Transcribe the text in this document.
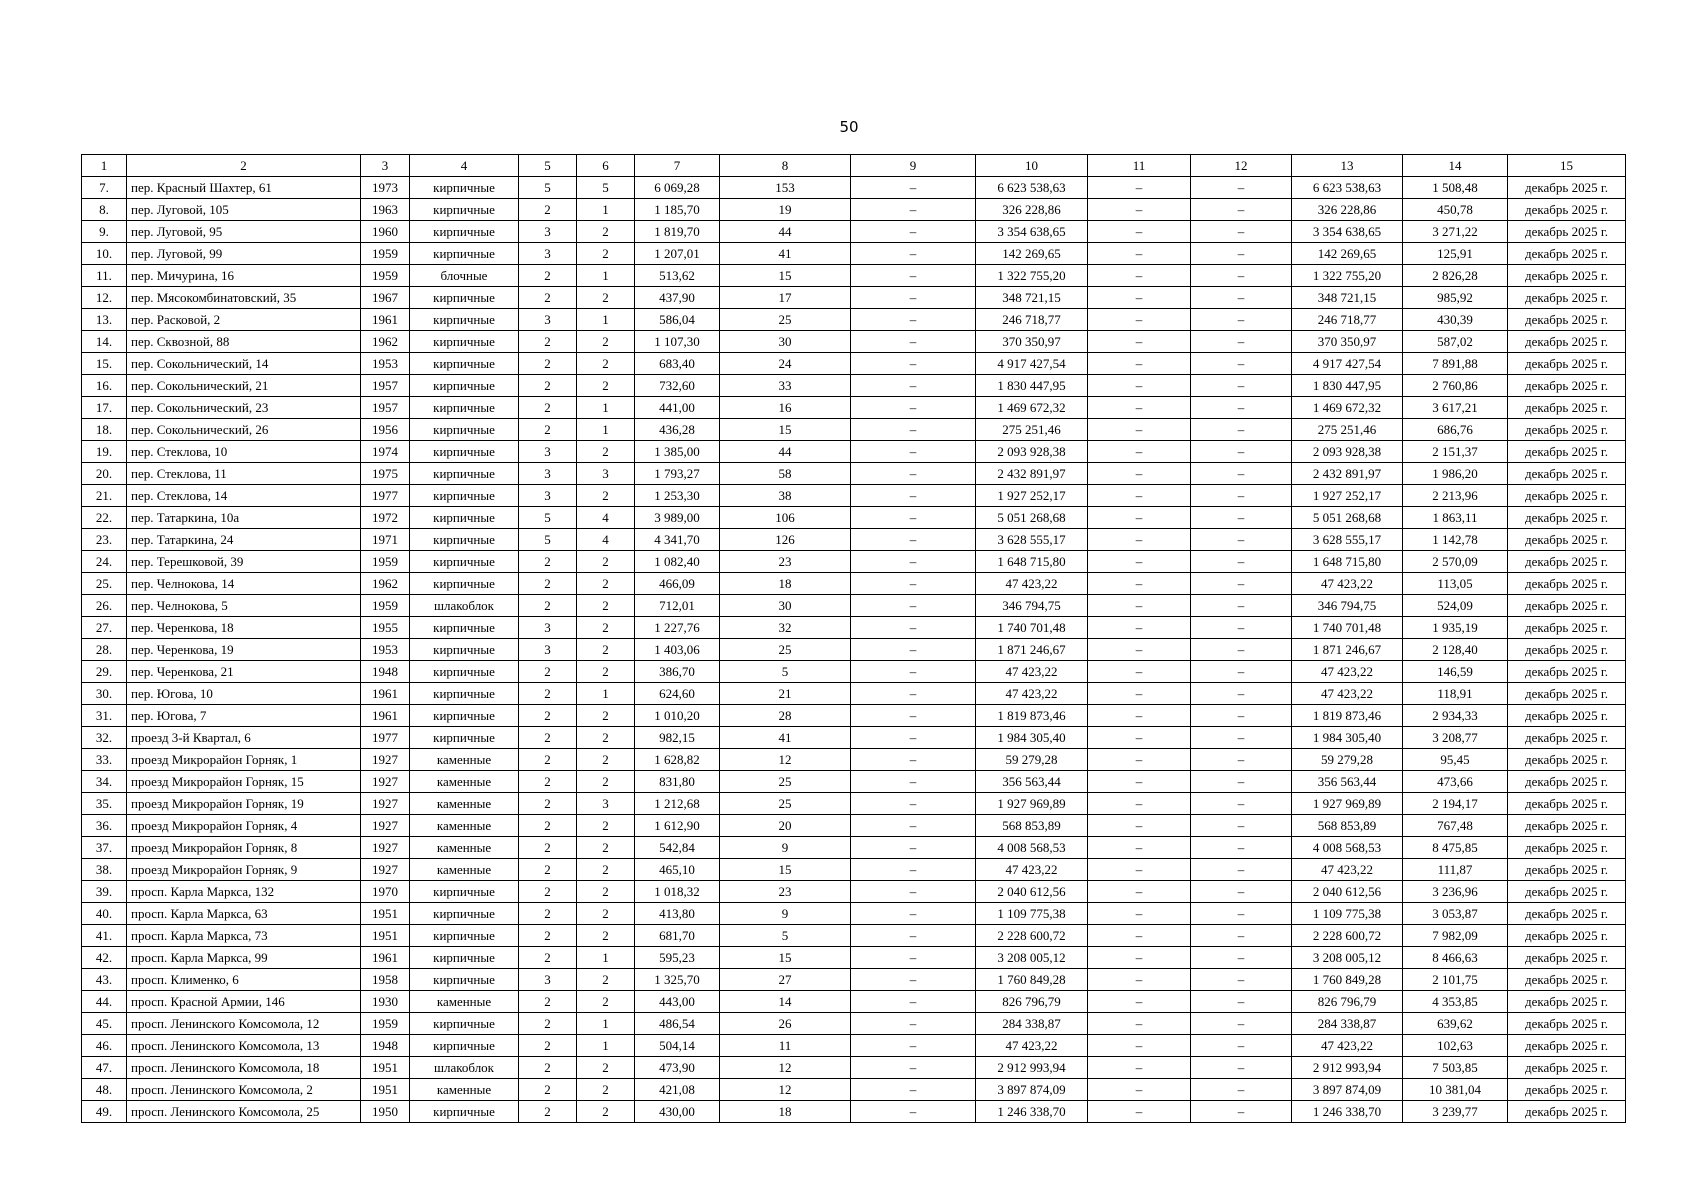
50
1	2	3	4	5	6	7	8	9	10	11	12	13	14	15
7.	пер. Красный Шахтер, 61	1973	кирпичные	5	5	6 069,28	153	–	6 623 538,63	–	–	6 623 538,63	1 508,48	декабрь 2025 г.
8.	пер. Луговой, 105	1963	кирпичные	2	1	1 185,70	19	–	326 228,86	–	–	326 228,86	450,78	декабрь 2025 г.
9.	пер. Луговой, 95	1960	кирпичные	3	2	1 819,70	44	–	3 354 638,65	–	–	3 354 638,65	3 271,22	декабрь 2025 г.
10.	пер. Луговой, 99	1959	кирпичные	3	2	1 207,01	41	–	142 269,65	–	–	142 269,65	125,91	декабрь 2025 г.
11.	пер. Мичурина, 16	1959	блочные	2	1	513,62	15	–	1 322 755,20	–	–	1 322 755,20	2 826,28	декабрь 2025 г.
12.	пер. Мясокомбинатовский, 35	1967	кирпичные	2	2	437,90	17	–	348 721,15	–	–	348 721,15	985,92	декабрь 2025 г.
13.	пер. Расковой, 2	1961	кирпичные	3	1	586,04	25	–	246 718,77	–	–	246 718,77	430,39	декабрь 2025 г.
14.	пер. Сквозной, 88	1962	кирпичные	2	2	1 107,30	30	–	370 350,97	–	–	370 350,97	587,02	декабрь 2025 г.
15.	пер. Сокольнический, 14	1953	кирпичные	2	2	683,40	24	–	4 917 427,54	–	–	4 917 427,54	7 891,88	декабрь 2025 г.
16.	пер. Сокольнический, 21	1957	кирпичные	2	2	732,60	33	–	1 830 447,95	–	–	1 830 447,95	2 760,86	декабрь 2025 г.
17.	пер. Сокольнический, 23	1957	кирпичные	2	1	441,00	16	–	1 469 672,32	–	–	1 469 672,32	3 617,21	декабрь 2025 г.
18.	пер. Сокольнический, 26	1956	кирпичные	2	1	436,28	15	–	275 251,46	–	–	275 251,46	686,76	декабрь 2025 г.
19.	пер. Стеклова, 10	1974	кирпичные	3	2	1 385,00	44	–	2 093 928,38	–	–	2 093 928,38	2 151,37	декабрь 2025 г.
20.	пер. Стеклова, 11	1975	кирпичные	3	3	1 793,27	58	–	2 432 891,97	–	–	2 432 891,97	1 986,20	декабрь 2025 г.
21.	пер. Стеклова, 14	1977	кирпичные	3	2	1 253,30	38	–	1 927 252,17	–	–	1 927 252,17	2 213,96	декабрь 2025 г.
22.	пер. Татаркина, 10а	1972	кирпичные	5	4	3 989,00	106	–	5 051 268,68	–	–	5 051 268,68	1 863,11	декабрь 2025 г.
23.	пер. Татаркина, 24	1971	кирпичные	5	4	4 341,70	126	–	3 628 555,17	–	–	3 628 555,17	1 142,78	декабрь 2025 г.
24.	пер. Терешковой, 39	1959	кирпичные	2	2	1 082,40	23	–	1 648 715,80	–	–	1 648 715,80	2 570,09	декабрь 2025 г.
25.	пер. Челнокова, 14	1962	кирпичные	2	2	466,09	18	–	47 423,22	–	–	47 423,22	113,05	декабрь 2025 г.
26.	пер. Челнокова, 5	1959	шлакоблок	2	2	712,01	30	–	346 794,75	–	–	346 794,75	524,09	декабрь 2025 г.
27.	пер. Черенкова, 18	1955	кирпичные	3	2	1 227,76	32	–	1 740 701,48	–	–	1 740 701,48	1 935,19	декабрь 2025 г.
28.	пер. Черенкова, 19	1953	кирпичные	3	2	1 403,06	25	–	1 871 246,67	–	–	1 871 246,67	2 128,40	декабрь 2025 г.
29.	пер. Черенкова, 21	1948	кирпичные	2	2	386,70	5	–	47 423,22	–	–	47 423,22	146,59	декабрь 2025 г.
30.	пер. Югова, 10	1961	кирпичные	2	1	624,60	21	–	47 423,22	–	–	47 423,22	118,91	декабрь 2025 г.
31.	пер. Югова, 7	1961	кирпичные	2	2	1 010,20	28	–	1 819 873,46	–	–	1 819 873,46	2 934,33	декабрь 2025 г.
32.	проезд 3-й Квартал, 6	1977	кирпичные	2	2	982,15	41	–	1 984 305,40	–	–	1 984 305,40	3 208,77	декабрь 2025 г.
33.	проезд Микрорайон Горняк, 1	1927	каменные	2	2	1 628,82	12	–	59 279,28	–	–	59 279,28	95,45	декабрь 2025 г.
34.	проезд Микрорайон Горняк, 15	1927	каменные	2	2	831,80	25	–	356 563,44	–	–	356 563,44	473,66	декабрь 2025 г.
35.	проезд Микрорайон Горняк, 19	1927	каменные	2	3	1 212,68	25	–	1 927 969,89	–	–	1 927 969,89	2 194,17	декабрь 2025 г.
36.	проезд Микрорайон Горняк, 4	1927	каменные	2	2	1 612,90	20	–	568 853,89	–	–	568 853,89	767,48	декабрь 2025 г.
37.	проезд Микрорайон Горняк, 8	1927	каменные	2	2	542,84	9	–	4 008 568,53	–	–	4 008 568,53	8 475,85	декабрь 2025 г.
38.	проезд Микрорайон Горняк, 9	1927	каменные	2	2	465,10	15	–	47 423,22	–	–	47 423,22	111,87	декабрь 2025 г.
39.	просп. Карла Маркса, 132	1970	кирпичные	2	2	1 018,32	23	–	2 040 612,56	–	–	2 040 612,56	3 236,96	декабрь 2025 г.
40.	просп. Карла Маркса, 63	1951	кирпичные	2	2	413,80	9	–	1 109 775,38	–	–	1 109 775,38	3 053,87	декабрь 2025 г.
41.	просп. Карла Маркса, 73	1951	кирпичные	2	2	681,70	5	–	2 228 600,72	–	–	2 228 600,72	7 982,09	декабрь 2025 г.
42.	просп. Карла Маркса, 99	1961	кирпичные	2	1	595,23	15	–	3 208 005,12	–	–	3 208 005,12	8 466,63	декабрь 2025 г.
43.	просп. Клименко, 6	1958	кирпичные	3	2	1 325,70	27	–	1 760 849,28	–	–	1 760 849,28	2 101,75	декабрь 2025 г.
44.	просп. Красной Армии, 146	1930	каменные	2	2	443,00	14	–	826 796,79	–	–	826 796,79	4 353,85	декабрь 2025 г.
45.	просп. Ленинского Комсомола, 12	1959	кирпичные	2	1	486,54	26	–	284 338,87	–	–	284 338,87	639,62	декабрь 2025 г.
46.	просп. Ленинского Комсомола, 13	1948	кирпичные	2	1	504,14	11	–	47 423,22	–	–	47 423,22	102,63	декабрь 2025 г.
47.	просп. Ленинского Комсомола, 18	1951	шлакоблок	2	2	473,90	12	–	2 912 993,94	–	–	2 912 993,94	7 503,85	декабрь 2025 г.
48.	просп. Ленинского Комсомола, 2	1951	каменные	2	2	421,08	12	–	3 897 874,09	–	–	3 897 874,09	10 381,04	декабрь 2025 г.
49.	просп. Ленинского Комсомола, 25	1950	кирпичные	2	2	430,00	18	–	1 246 338,70	–	–	1 246 338,70	3 239,77	декабрь 2025 г.
